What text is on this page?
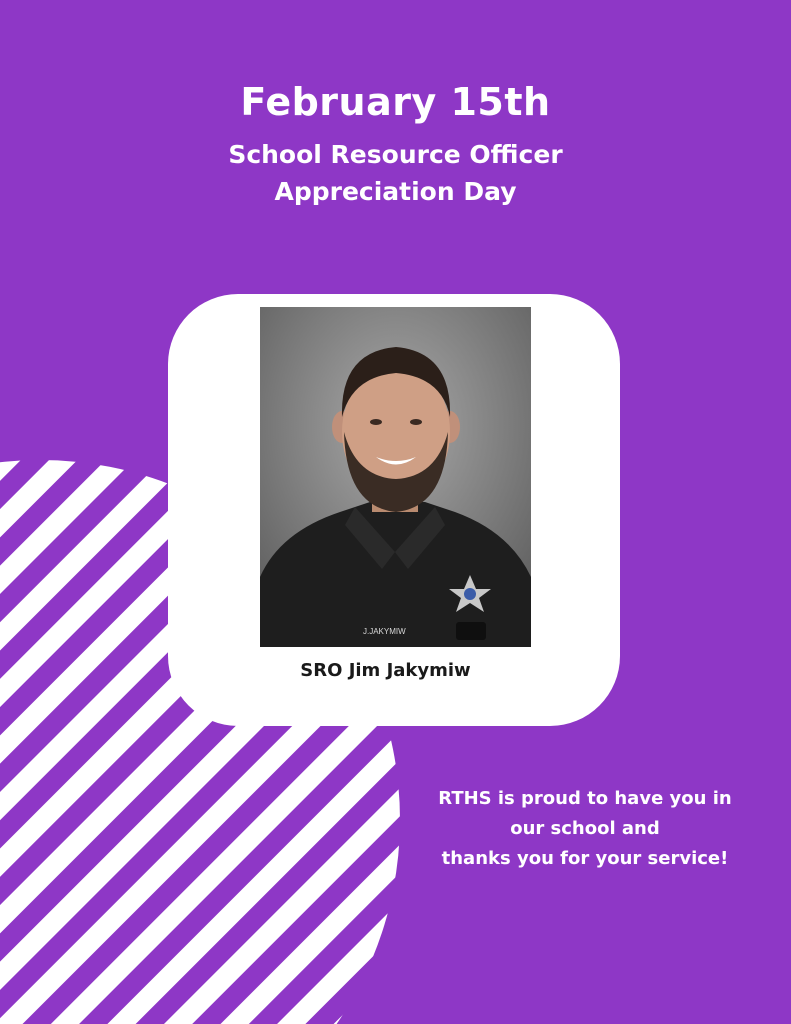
February 15th
School Resource Officer
Appreciation Day
J.JAKYMIW
SRO Jim Jakymiw
RTHS is proud to have you in
our school and
thanks you for your service!
